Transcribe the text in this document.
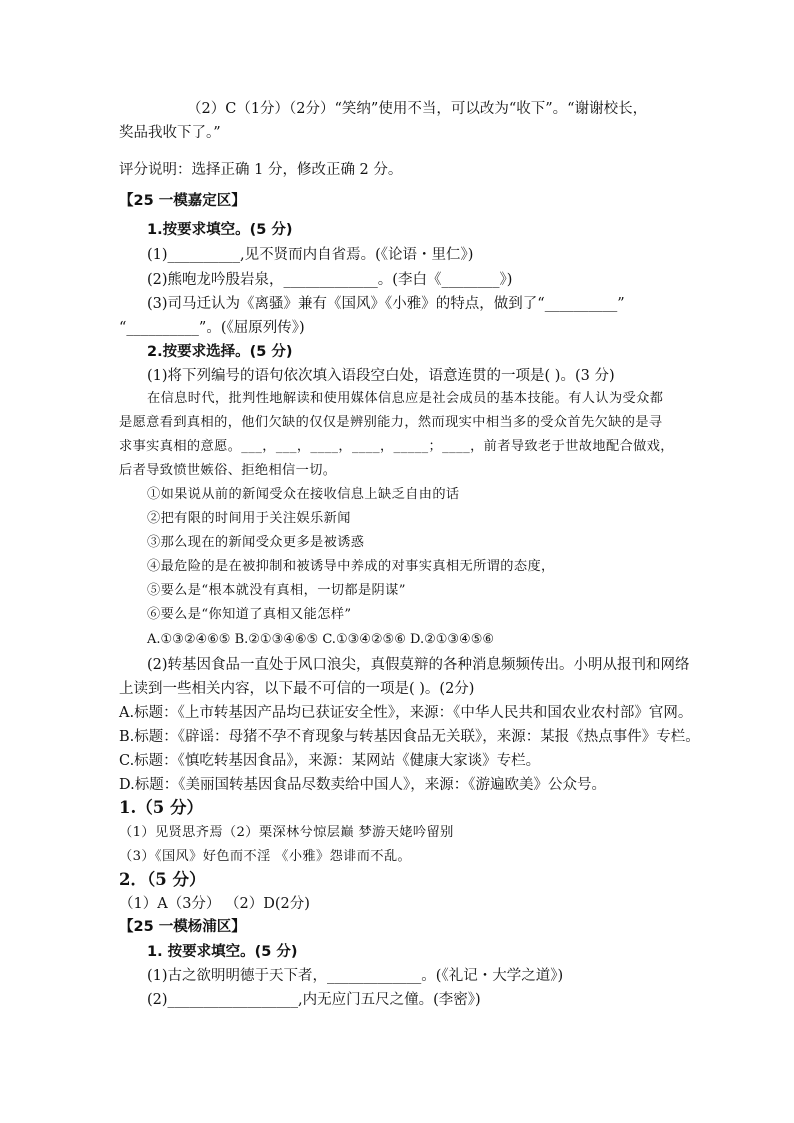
（2）C（1分）（2分）“笑纳”使用不当，可以改为“收下”。“谢谢校长，
奖品我收下了。”
评分说明：选择正确 1 分，修改正确 2 分。
【25 一模嘉定区】
1.按要求填空。(5 分)
(1)__________,见不贤而内自省焉。(《论语・里仁》)
(2)熊咆龙吟殷岩泉，_____________。(李白《________》)
(3)司马迁认为《离骚》兼有《国风》《小雅》的特点，做到了“__________”
“__________”。(《屈原列传》)
2.按要求选择。(5 分)
(1)将下列编号的语句依次填入语段空白处，语意连贯的一项是( )。(3 分)
在信息时代，批判性地解读和使用媒体信息应是社会成员的基本技能。有人认为受众都
是愿意看到真相的，他们欠缺的仅仅是辨别能力，然而现实中相当多的受众首先欠缺的是寻
求事实真相的意愿。___，___，____，____，_____；____，前者导致老于世故地配合做戏，
后者导致愤世嫉俗、拒绝相信一切。
①如果说从前的新闻受众在接收信息上缺乏自由的话
②把有限的时间用于关注娱乐新闻
③那么现在的新闻受众更多是被诱惑
④最危险的是在被抑制和被诱导中养成的对事实真相无所谓的态度，
⑤要么是“根本就没有真相，一切都是阴谋”
⑥要么是“你知道了真相又能怎样”
A.①③②④⑥⑤ B.②①③④⑥⑤ C.①③④②⑤⑥ D.②①③④⑤⑥
(2)转基因食品一直处于风口浪尖，真假莫辩的各种消息频频传出。小明从报刊和网络
上读到一些相关内容，以下最不可信的一项是( )。(2分)
A.标题：《上市转基因产品均已获证安全性》，来源：《中华人民共和国农业农村部》官网。
B.标题：《辟谣：母猪不孕不育现象与转基因食品无关联》，来源：某报《热点事件》专栏。
C.标题：《慎吃转基因食品》，来源：某网站《健康大家谈》专栏。
D.标题：《美丽国转基因食品尽数卖给中国人》，来源：《游遍欧美》公众号。
1.（5 分）
（1）见贤思齐焉（2）栗深林兮惊层巅 梦游天姥吟留别
（3）《国风》好色而不淫 《小雅》怨诽而不乱。
2．（5 分）
（1）A（3分） （2）D(2分)
【25 一模杨浦区】
1. 按要求填空。(5 分)
(1)古之欲明明德于天下者，_____________。(《礼记・大学之道》)
(2)__________________,内无应门五尺之僮。(李密》)
